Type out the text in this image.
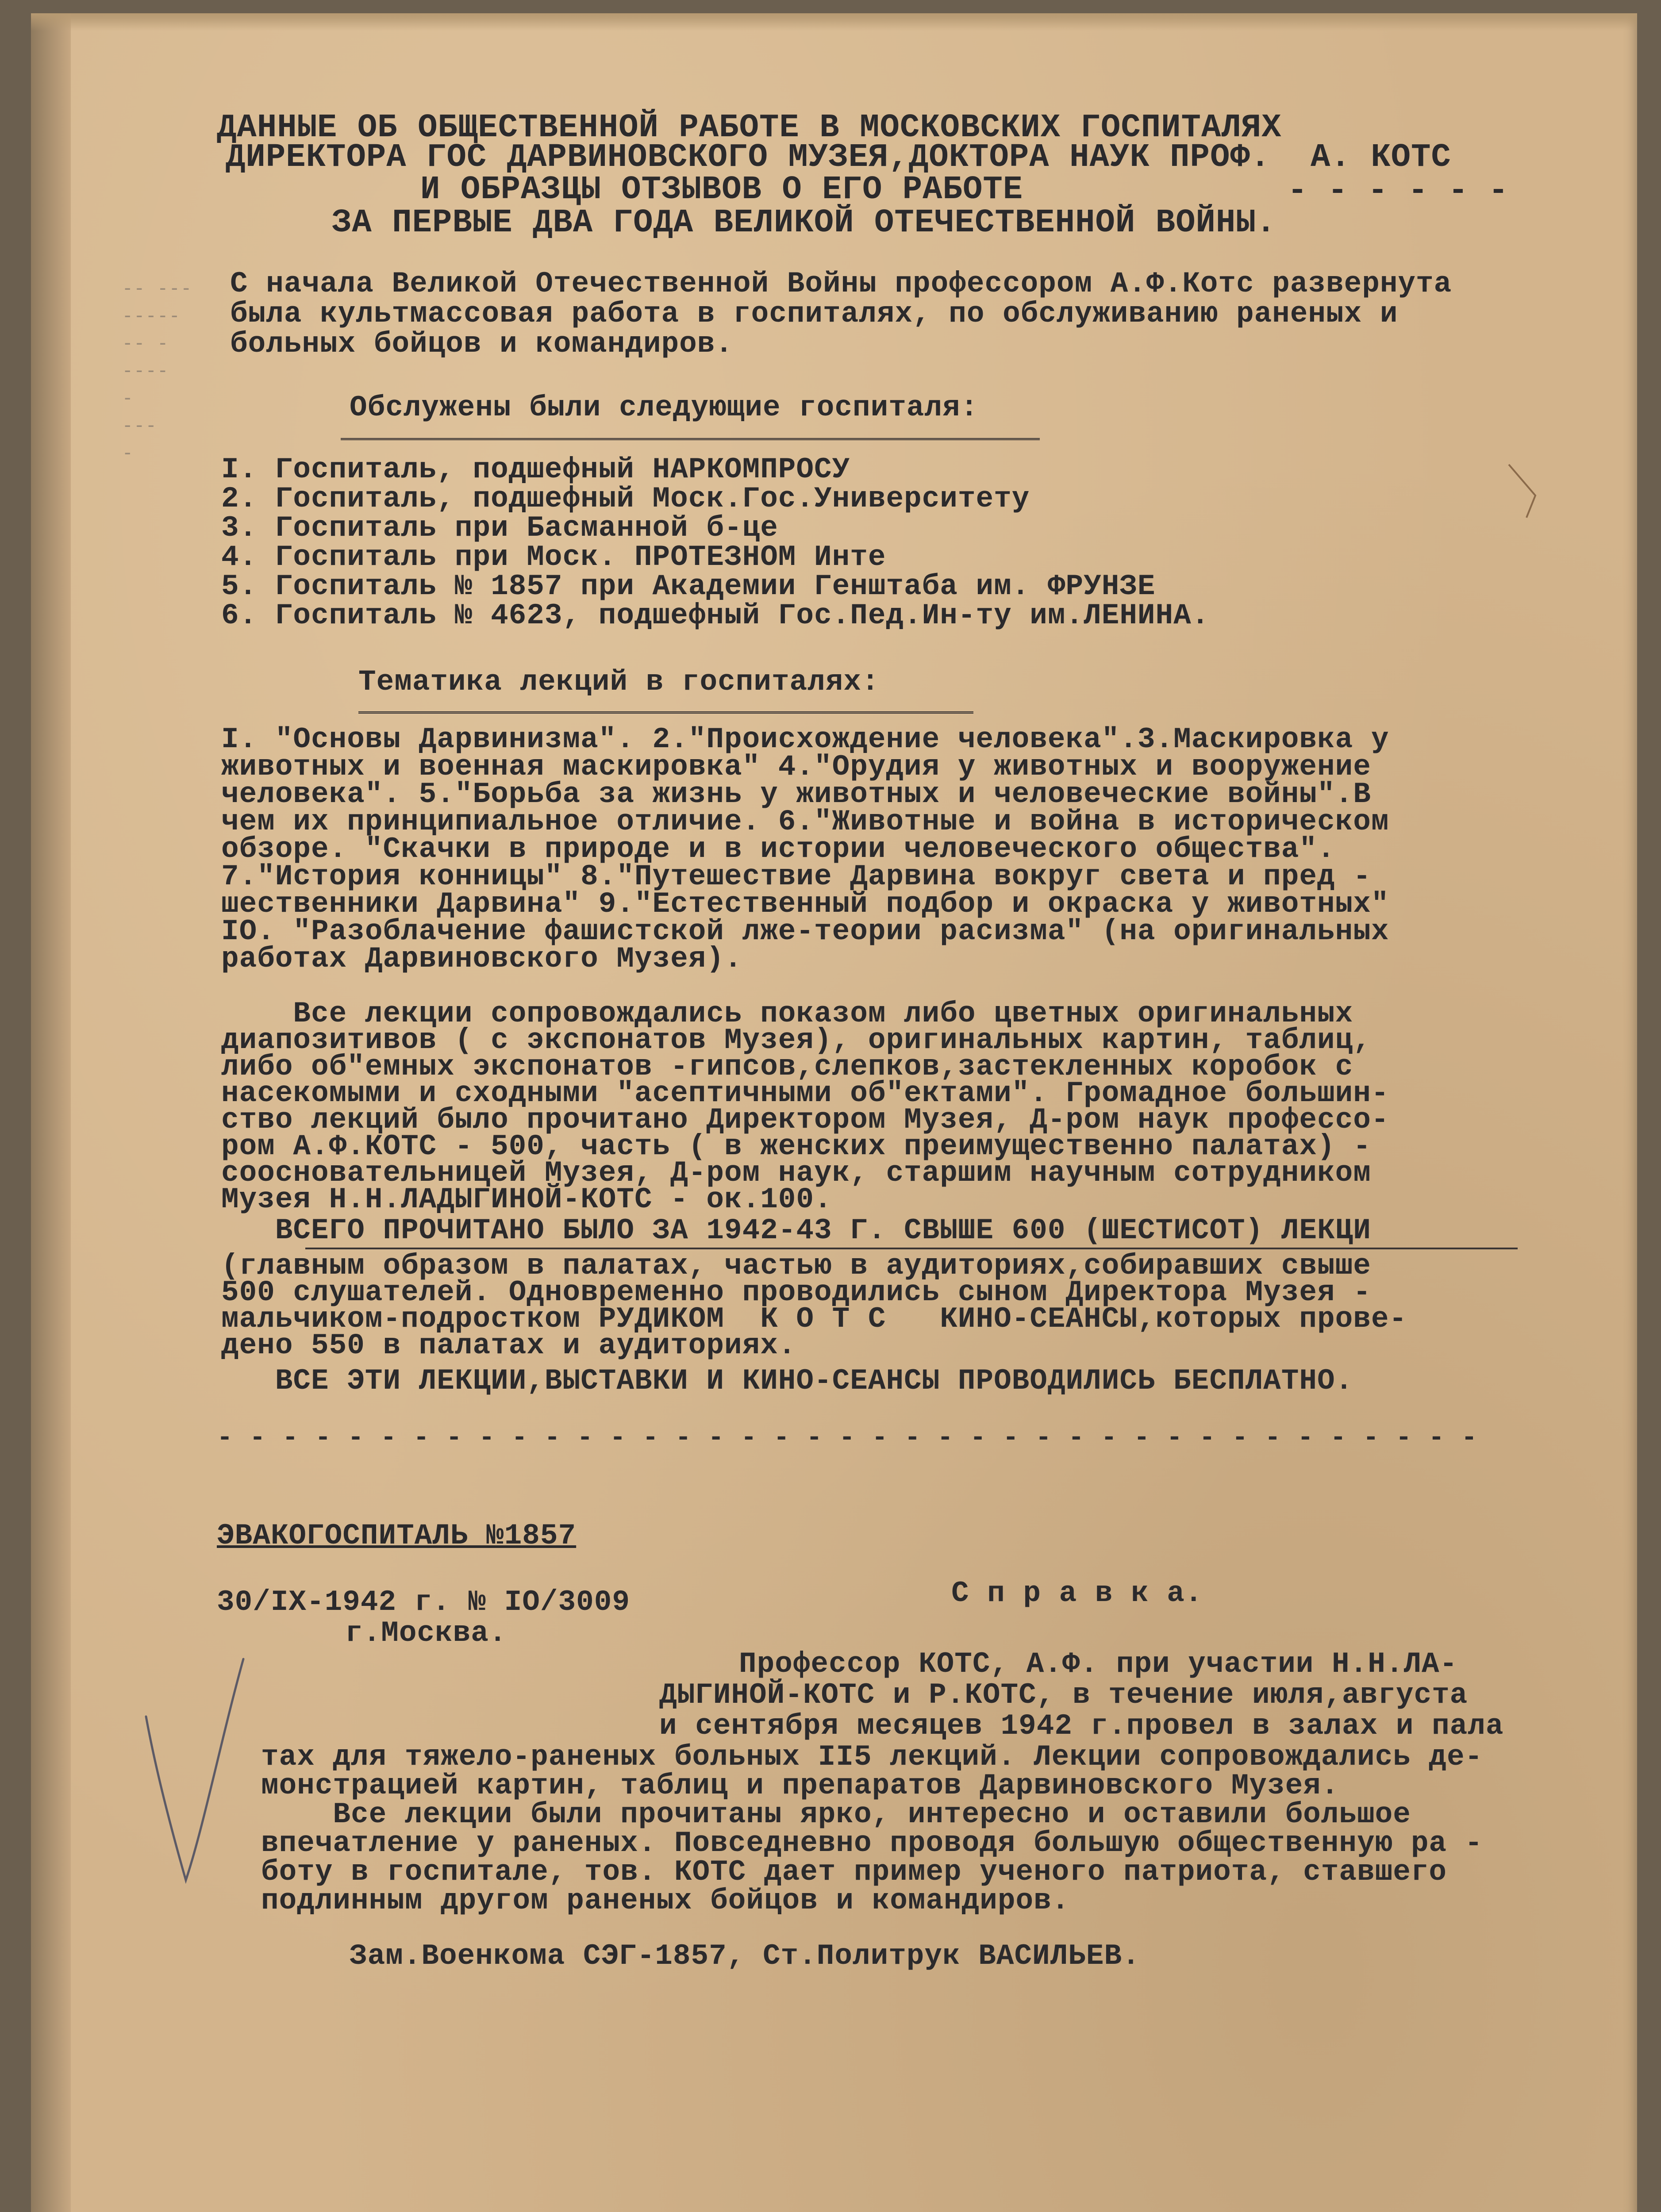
-- ---
-----
-- -
----
-
---
-
ДАННЫЕ ОБ ОБЩЕСТВЕННОЙ РАБОТЕ В МОСКОВСКИХ ГОСПИТАЛЯХ
ДИРЕКТОРА ГОС ДАРВИНОВСКОГО МУЗЕЯ,ДОКТОРА НАУК ПРОФ.  А. КОТС
И ОБРАЗЦЫ ОТЗЫВОВ О ЕГО РАБОТЕ	- - - - - -
ЗА ПЕРВЫЕ ДВА ГОДА ВЕЛИКОЙ ОТЕЧЕСТВЕННОЙ ВОЙНЫ.
С начала Великой Отечественной Войны профессором А.Ф.Котс развернута
была культмассовая работа в госпиталях, по обслуживанию раненых и
больных бойцов и командиров.
Обслужены были следующие госпиталя:
I. Госпиталь, подшефный НАРКОМПРОСУ
2. Госпиталь, подшефный Моск.Гос.Университету
3. Госпиталь при Басманной б-це
4. Госпиталь при Моск. ПРОТЕЗНОМ Инте
5. Госпиталь № 1857 при Академии Генштаба им. ФРУНЗЕ
6. Госпиталь № 4623, подшефный Гос.Пед.Ин-ту им.ЛЕНИНА.
Тематика лекций в госпиталях:
I. "Основы Дарвинизма". 2."Происхождение человека".3.Маскировка у
животных и военная маскировка" 4."Орудия у животных и вооружение
человека". 5."Борьба за жизнь у животных и человеческие войны".В
чем их принципиальное отличие. 6."Животные и война в историческом
обзоре. "Скачки в природе и в истории человеческого общества".
7."История конницы" 8."Путешествие Дарвина вокруг света и пред -
шественники Дарвина" 9."Естественный подбор и окраска у животных"
IO. "Разоблачение фашистской лже-теории расизма" (на оригинальных
работах Дарвиновского Музея).
Все лекции сопровождались показом либо цветных оригинальных
диапозитивов ( с экспонатов Музея), оригинальных картин, таблиц,
либо об"емных экспонатов -гипсов,слепков,застекленных коробок с
насекомыми и сходными "асептичными об"ектами". Громадное большин-
ство лекций было прочитано Директором Музея, Д-ром наук профессо-
ром А.Ф.КОТС - 500, часть ( в женских преимущественно палатах) -
соосновательницей Музея, Д-ром наук, старшим научным сотрудником
Музея Н.Н.ЛАДЫГИНОЙ-КОТС - ок.100.
ВСЕГО ПРОЧИТАНО БЫЛО ЗА 1942-43 Г. СВЫШЕ 600 (ШЕСТИСОТ) ЛЕКЦИ
(главным образом в палатах, частью в аудиториях,собиравших свыше
500 слушателей. Одновременно проводились сыном Директора Музея -
мальчиком-подростком РУДИКОМ  К О Т С   КИНО-СЕАНСЫ,которых прове-
дено 550 в палатах и аудиториях.
ВСЕ ЭТИ ЛЕКЦИИ,ВЫСТАВКИ И КИНО-СЕАНСЫ ПРОВОДИЛИСЬ БЕСПЛАТНО.
- - - - - - - - - - - - - - - - - - - - - - - - - - - - - - - - - - - - - - -
ЭВАКОГОСПИТАЛЬ №1857
30/IX-1942 г. № IO/3009	С п р а в к а.
г.Москва.
Профессор КОТС, А.Ф. при участии Н.Н.ЛА-
ДЫГИНОЙ-КОТС и Р.КОТС, в течение июля,августа
и сентября месяцев 1942 г.провел в залах и пала
тах для тяжело-раненых больных II5 лекций. Лекции сопровождались де-
монстрацией картин, таблиц и препаратов Дарвиновского Музея.
Все лекции были прочитаны ярко, интересно и оставили большое
впечатление у раненых. Повседневно проводя большую общественную ра -
боту в госпитале, тов. КОТС дает пример ученого патриота, ставшего
подлинным другом раненых бойцов и командиров.
Зам.Военкома СЭГ-1857, Ст.Политрук ВАСИЛЬЕВ.
